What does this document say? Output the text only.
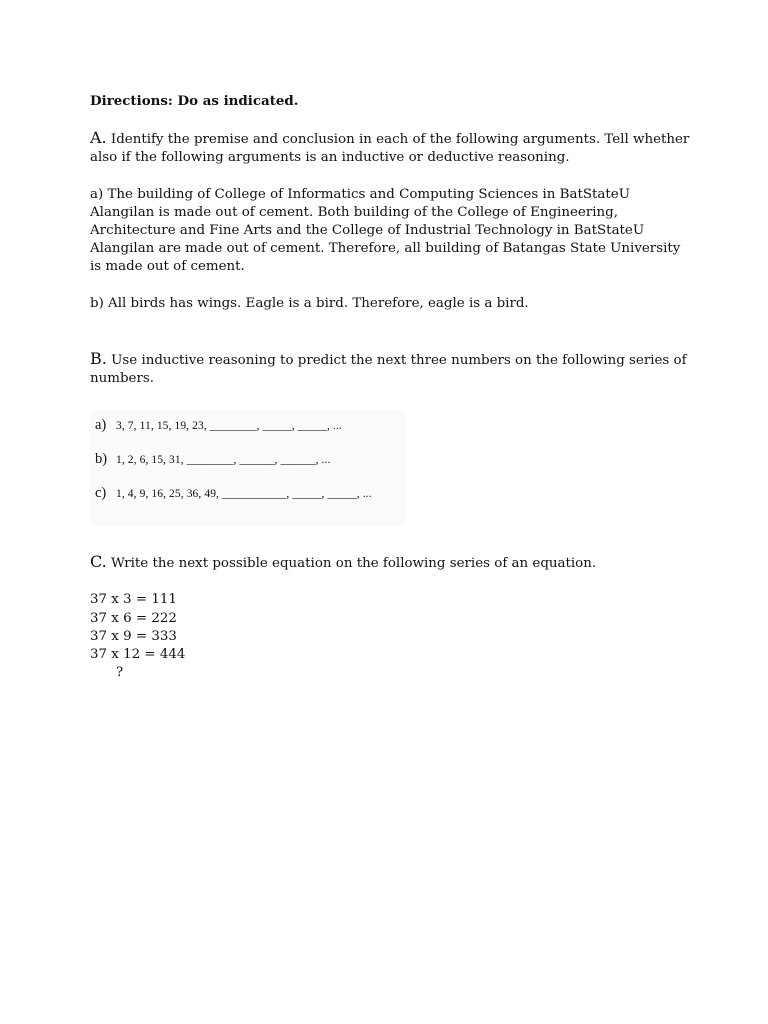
Directions: Do as indicated.

A. Identify the premise and conclusion in each of the following arguments. Tell whether also if the following arguments is an inductive or deductive reasoning.

a) The building of College of Informatics and Computing Sciences in BatStateU Alangilan is made out of cement. Both building of the College of Engineering, Architecture and Fine Arts and the College of Industrial Technology in BatStateU Alangilan are made out of cement. Therefore, all building of Batangas State University is made out of cement.

b) All birds has wings. Eagle is a bird. Therefore, eagle is a bird.

B. Use inductive reasoning to predict the next three numbers on the following series of numbers.

a) 3, 7, 11, 15, 19, 23, ________, _____, _____, ...
b) 1, 2, 6, 15, 31, ________, ______, ______, ...
c) 1, 4, 9, 16, 25, 36, 49, ___________, _____, _____, ...

C. Write the next possible equation on the following series of an equation.

37 x 3 = 111

37 x 6 = 222

37 x 9 = 333

37 x 12 = 444

?
